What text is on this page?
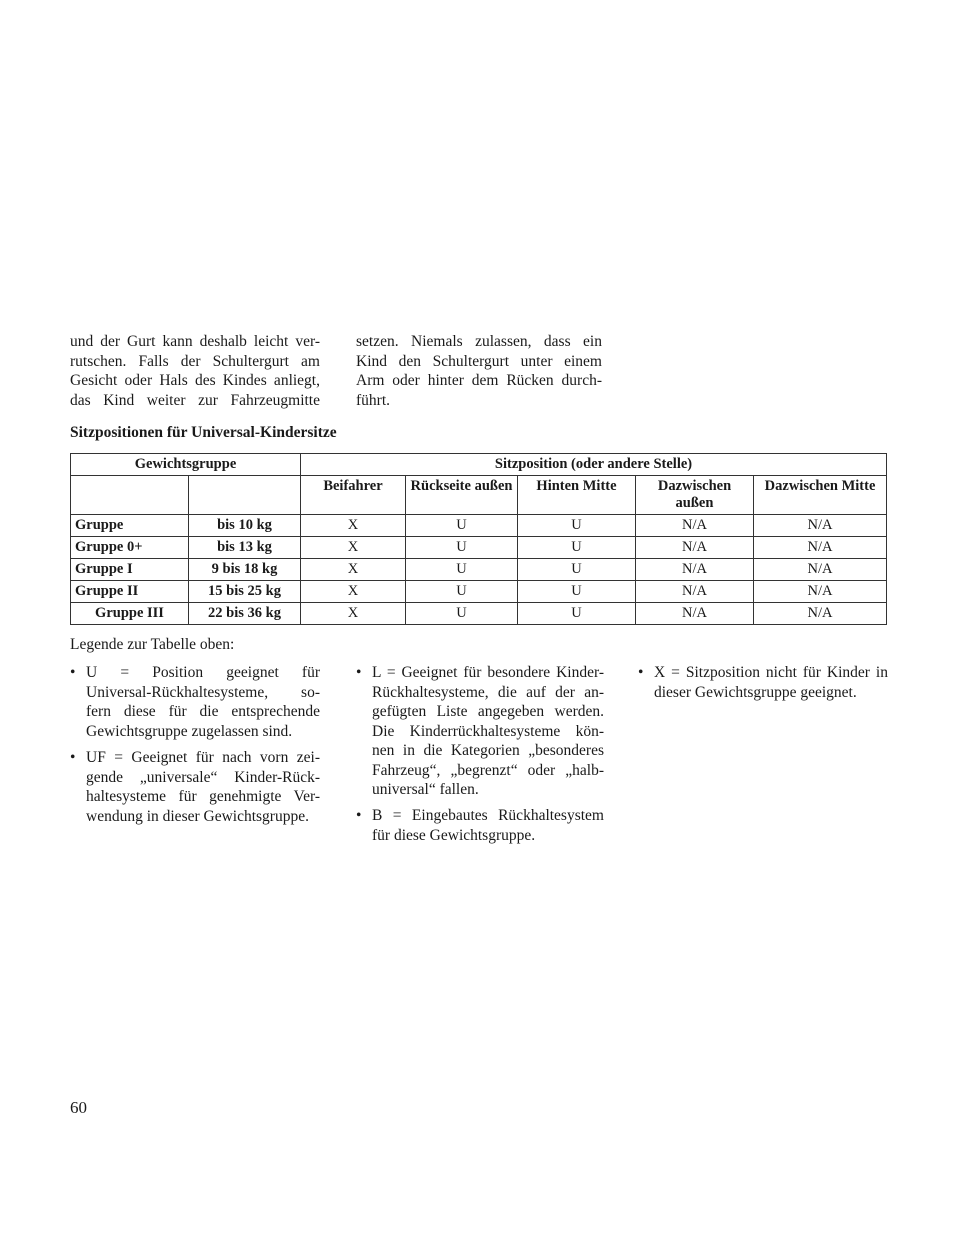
und der Gurt kann deshalb leicht ver-

rutschen. Falls der Schultergurt am

Gesicht oder Hals des Kindes anliegt,

das Kind weiter zur Fahrzeugmitte

setzen. Niemals zulassen, dass ein

Kind den Schultergurt unter einem

Arm oder hinter dem Rücken durch-

führt.

Sitzpositionen für Universal-Kindersitze
Gewichtsgruppe		Sitzposition (oder andere Stelle)				
		Beifahrer	Rückseite außen	Hinten Mitte	Dazwischen außen	Dazwischen Mitte
Gruppe	bis 10 kg	X	U	U	N/A	N/A
Gruppe 0+	bis 13 kg	X	U	U	N/A	N/A
Gruppe I	9 bis 18 kg	X	U	U	N/A	N/A
Gruppe II	15 bis 25 kg	X	U	U	N/A	N/A
Gruppe III	22 bis 36 kg	X	U	U	N/A	N/A
Legende zur Tabelle oben:
• U = Position geeignet für

Universal-Rückhaltesysteme, so-

fern diese für die entsprechende

Gewichtsgruppe zugelassen sind.

• UF = Geeignet für nach vorn zei-

gende „universale“ Kinder-Rück-

haltesysteme für genehmigte Ver-

wendung in dieser Gewichtsgruppe.

• L = Geeignet für besondere Kinder-

Rückhaltesysteme, die auf der an-

gefügten Liste angegeben werden.

Die Kinderrückhaltesysteme kön-

nen in die Kategorien „besonderes

Fahrzeug“, „begrenzt“ oder „halb-

universal“ fallen.

• B = Eingebautes Rückhaltesystem

für diese Gewichtsgruppe.

• X = Sitzposition nicht für Kinder in

dieser Gewichtsgruppe geeignet.

60
